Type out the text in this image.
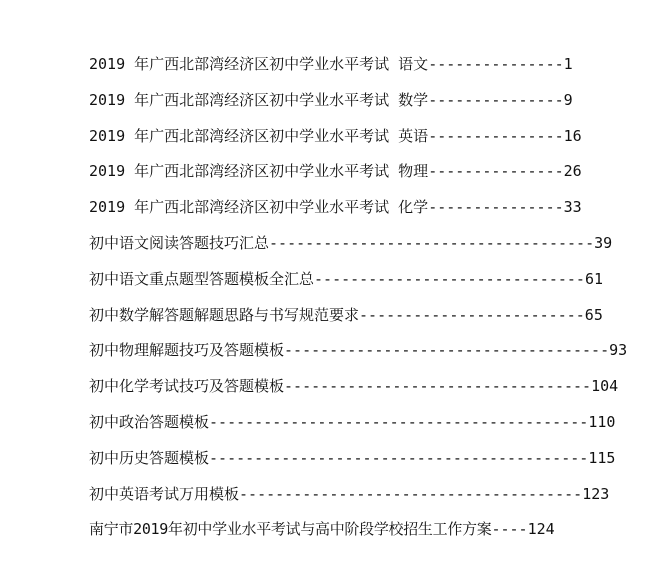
2019 年广西北部湾经济区初中学业水平考试 语文---------------1
2019 年广西北部湾经济区初中学业水平考试 数学---------------9
2019 年广西北部湾经济区初中学业水平考试 英语---------------16
2019 年广西北部湾经济区初中学业水平考试 物理---------------26
2019 年广西北部湾经济区初中学业水平考试 化学---------------33
初中语文阅读答题技巧汇总------------------------------------39
初中语文重点题型答题模板全汇总------------------------------61
初中数学解答题解题思路与书写规范要求-------------------------65
初中物理解题技巧及答题模板------------------------------------93
初中化学考试技巧及答题模板----------------------------------104
初中政治答题模板------------------------------------------110
初中历史答题模板------------------------------------------115
初中英语考试万用模板--------------------------------------123
南宁市2019年初中学业水平考试与高中阶段学校招生工作方案----124
